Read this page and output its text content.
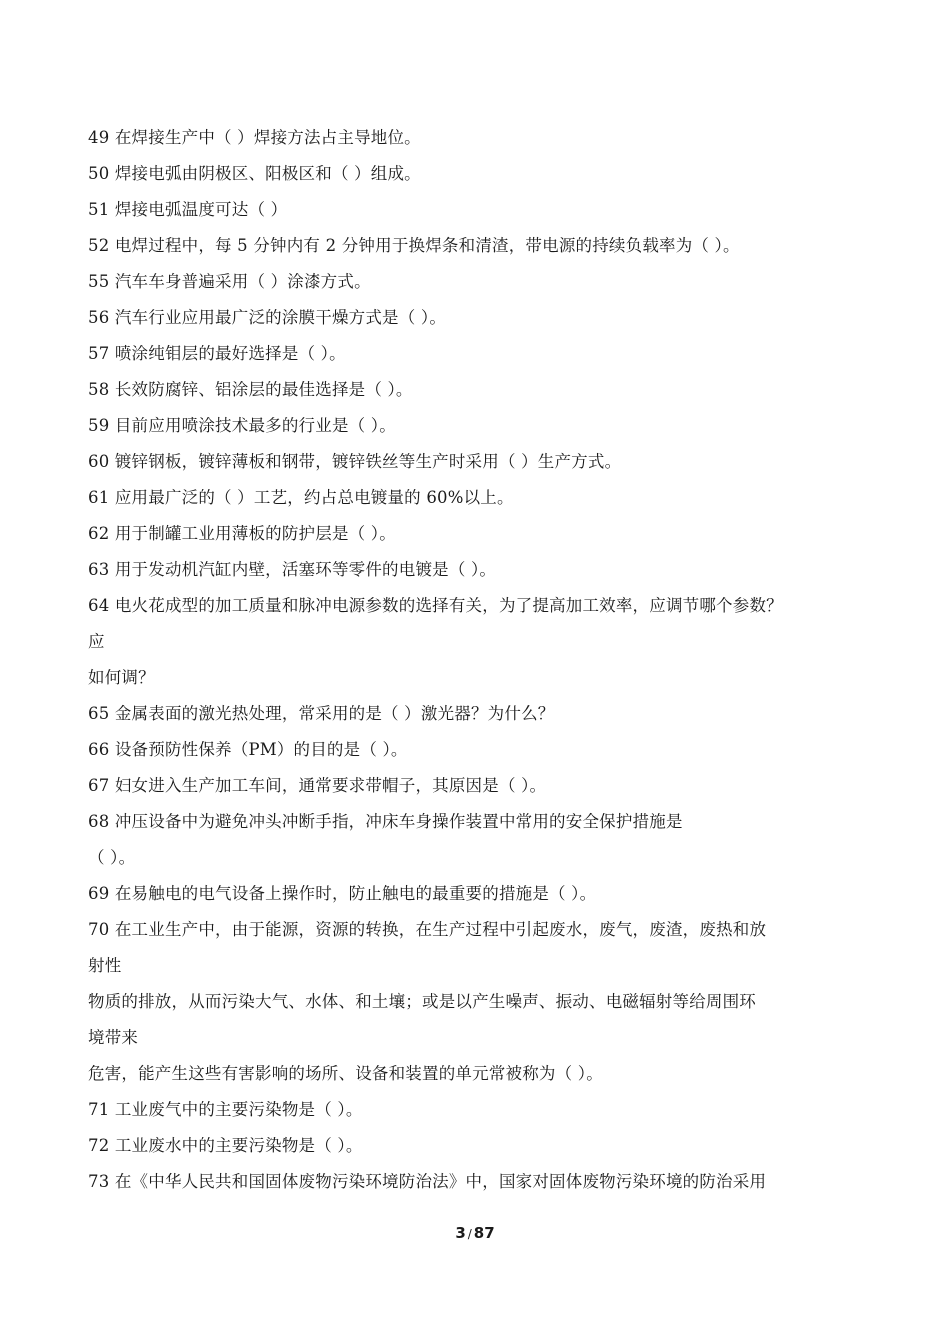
49 在焊接生产中（ ）焊接方法占主导地位。
50 焊接电弧由阴极区、阳极区和（ ）组成。
51 焊接电弧温度可达（ ）
52 电焊过程中，每 5 分钟内有 2 分钟用于换焊条和清渣，带电源的持续负载率为（ ）。
55 汽车车身普遍采用（ ）涂漆方式。
56 汽车行业应用最广泛的涂膜干燥方式是（ ）。
57 喷涂纯钼层的最好选择是（ ）。
58 长效防腐锌、铝涂层的最佳选择是（ ）。
59 目前应用喷涂技术最多的行业是（ ）。
60 镀锌钢板，镀锌薄板和钢带，镀锌铁丝等生产时采用（ ）生产方式。
61 应用最广泛的（ ）工艺，约占总电镀量的 60%以上。
62 用于制罐工业用薄板的防护层是（ ）。
63 用于发动机汽缸内壁，活塞环等零件的电镀是（ ）。
64 电火花成型的加工质量和脉冲电源参数的选择有关，为了提高加工效率，应调节哪个参数？
应
如何调？
65 金属表面的激光热处理，常采用的是（ ）激光器？为什么？
66 设备预防性保养（PM）的目的是（ ）。
67 妇女进入生产加工车间，通常要求带帽子，其原因是（ ）。
68 冲压设备中为避免冲头冲断手指，冲床车身操作装置中常用的安全保护措施是
（ ）。
69 在易触电的电气设备上操作时，防止触电的最重要的措施是（ ）。
70 在工业生产中，由于能源，资源的转换，在生产过程中引起废水，废气，废渣，废热和放
射性
物质的排放，从而污染大气、水体、和土壤；或是以产生噪声、振动、电磁辐射等给周围环
境带来
危害，能产生这些有害影响的场所、设备和装置的单元常被称为（ ）。
71 工业废气中的主要污染物是（ ）。
72 工业废水中的主要污染物是（ ）。
73 在《中华人民共和国固体废物污染环境防治法》中，国家对固体废物污染环境的防治采用
3 / 87
